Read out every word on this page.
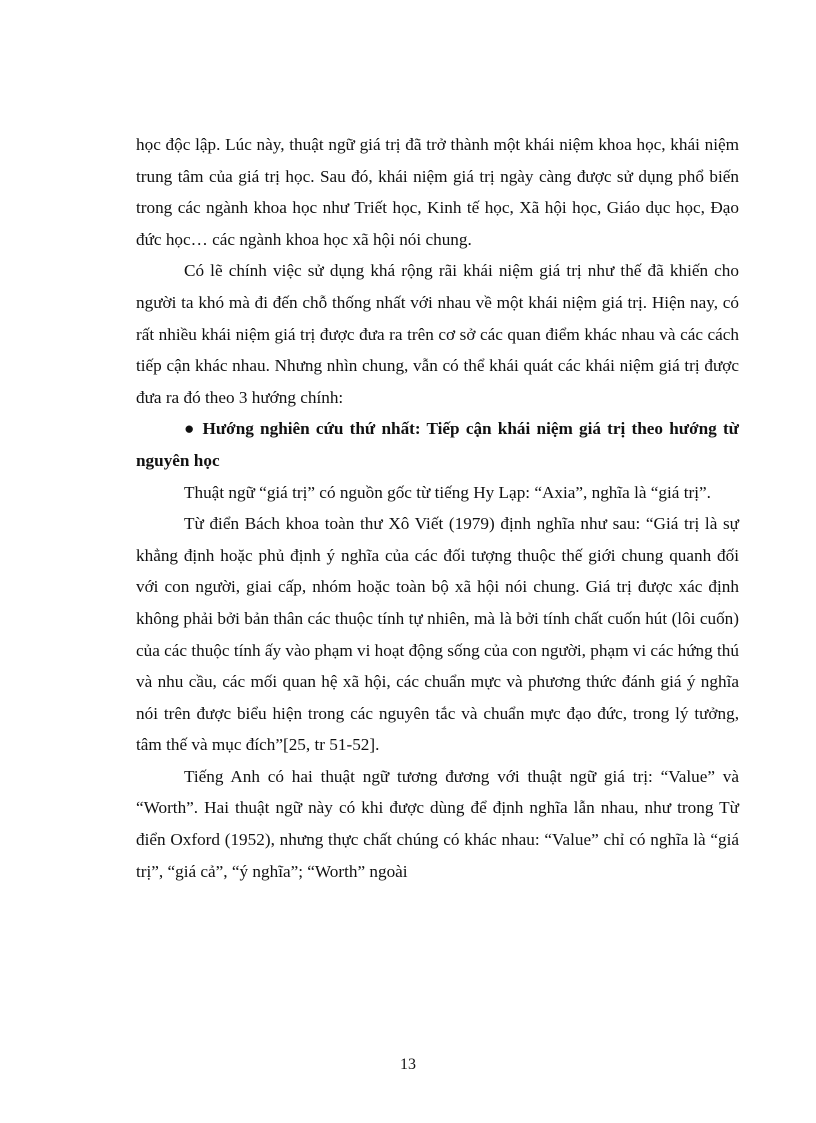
học độc lập. Lúc này, thuật ngữ giá trị đã trở thành một khái niệm khoa học, khái niệm trung tâm của giá trị học. Sau đó, khái niệm giá trị ngày càng được sử dụng phổ biến trong các ngành khoa học như Triết học, Kinh tế học, Xã hội học, Giáo dục học, Đạo đức học… các ngành khoa học xã hội nói chung.

Có lẽ chính việc sử dụng khá rộng rãi khái niệm giá trị như thế đã khiến cho người ta khó mà đi đến chỗ thống nhất với nhau về một khái niệm giá trị. Hiện nay, có rất nhiều khái niệm giá trị được đưa ra trên cơ sở các quan điểm khác nhau và các cách tiếp cận khác nhau. Nhưng nhìn chung, vẫn có thể khái quát các khái niệm giá trị được đưa ra đó theo 3 hướng chính:

● Hướng nghiên cứu thứ nhất: Tiếp cận khái niệm giá trị theo hướng từ nguyên học

Thuật ngữ “giá trị” có nguồn gốc từ tiếng Hy Lạp: “Axia”, nghĩa là “giá trị”.

Từ điển Bách khoa toàn thư Xô Viết (1979) định nghĩa như sau: “Giá trị là sự khẳng định hoặc phủ định ý nghĩa của các đối tượng thuộc thế giới chung quanh đối với con người, giai cấp, nhóm hoặc toàn bộ xã hội nói chung. Giá trị được xác định không phải bởi bản thân các thuộc tính tự nhiên, mà là bởi tính chất cuốn hút (lôi cuốn) của các thuộc tính ấy vào phạm vi hoạt động sống của con người, phạm vi các hứng thú và nhu cầu, các mối quan hệ xã hội, các chuẩn mực và phương thức đánh giá ý nghĩa nói trên được biểu hiện trong các nguyên tắc và chuẩn mực đạo đức, trong lý tưởng, tâm thế và mục đích”[25, tr 51-52].

Tiếng Anh có hai thuật ngữ tương đương với thuật ngữ giá trị: “Value” và “Worth”. Hai thuật ngữ này có khi được dùng để định nghĩa lẫn nhau, như trong Từ điển Oxford (1952), nhưng thực chất chúng có khác nhau: “Value” chỉ có nghĩa là “giá trị”, “giá cả”, “ý nghĩa”; “Worth” ngoài

13
